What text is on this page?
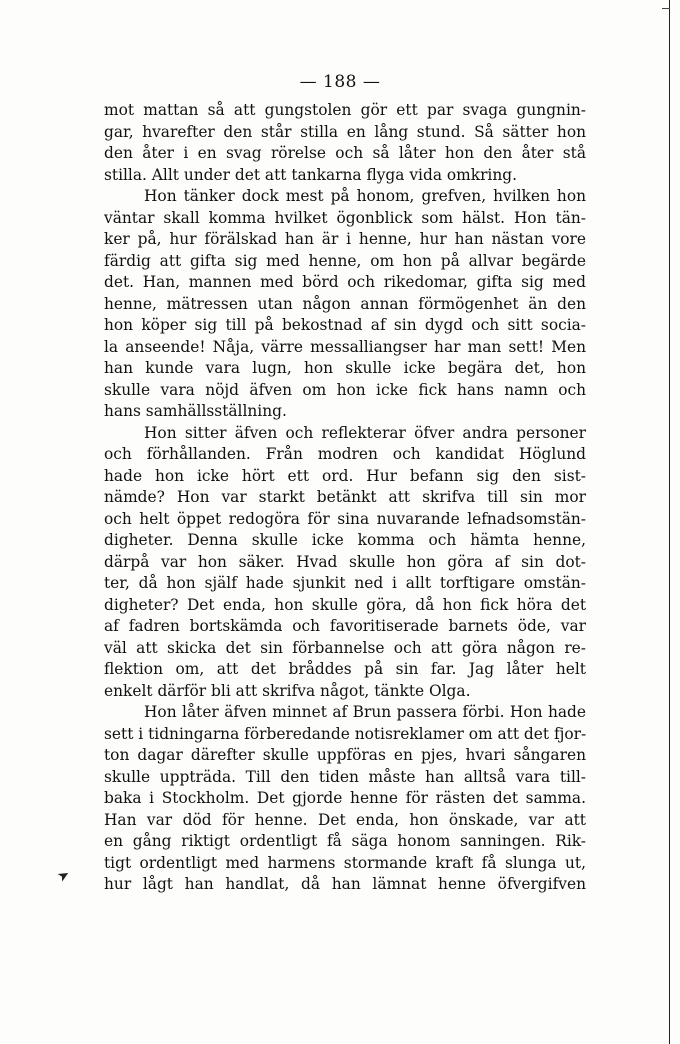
— 188 —
➤
mot mattan så att gungstolen gör ett par svaga gungnin-
gar, hvarefter den står stilla en lång stund. Så sätter hon
den åter i en svag rörelse och så låter hon den åter stå
stilla. Allt under det att tankarna flyga vida omkring.
Hon tänker dock mest på honom, grefven, hvilken hon
väntar skall komma hvilket ögonblick som hälst. Hon tän-
ker på, hur förälskad han är i henne, hur han nästan vore
färdig att gifta sig med henne, om hon på allvar begärde
det. Han, mannen med börd och rikedomar, gifta sig med
henne, mätressen utan någon annan förmögenhet än den
hon köper sig till på bekostnad af sin dygd och sitt socia-
la anseende! Nåja, värre messalliangser har man sett! Men
han kunde vara lugn, hon skulle icke begära det, hon
skulle vara nöjd äfven om hon icke fick hans namn och
hans samhällsställning.
Hon sitter äfven och reflekterar öfver andra personer
och förhållanden. Från modren och kandidat Höglund
hade hon icke hört ett ord. Hur befann sig den sist-
nämde? Hon var starkt betänkt att skrifva till sin mor
och helt öppet redogöra för sina nuvarande lefnadsomstän-
digheter. Denna skulle icke komma och hämta henne,
därpå var hon säker. Hvad skulle hon göra af sin dot-
ter, då hon själf hade sjunkit ned i allt torftigare omstän-
digheter? Det enda, hon skulle göra, då hon fick höra det
af fadren bortskämda och favoritiserade barnets öde, var
väl att skicka det sin förbannelse och att göra någon re-
flektion om, att det bråddes på sin far. Jag låter helt
enkelt därför bli att skrifva något, tänkte Olga.
Hon låter äfven minnet af Brun passera förbi. Hon hade
sett i tidningarna förberedande notisreklamer om att det fjor-
ton dagar därefter skulle uppföras en pjes, hvari sångaren
skulle uppträda. Till den tiden måste han alltså vara till-
baka i Stockholm. Det gjorde henne för rästen det samma.
Han var död för henne. Det enda, hon önskade, var att
en gång riktigt ordentligt få säga honom sanningen. Rik-
tigt ordentligt med harmens stormande kraft få slunga ut,
hur lågt han handlat, då han lämnat henne öfvergifven
